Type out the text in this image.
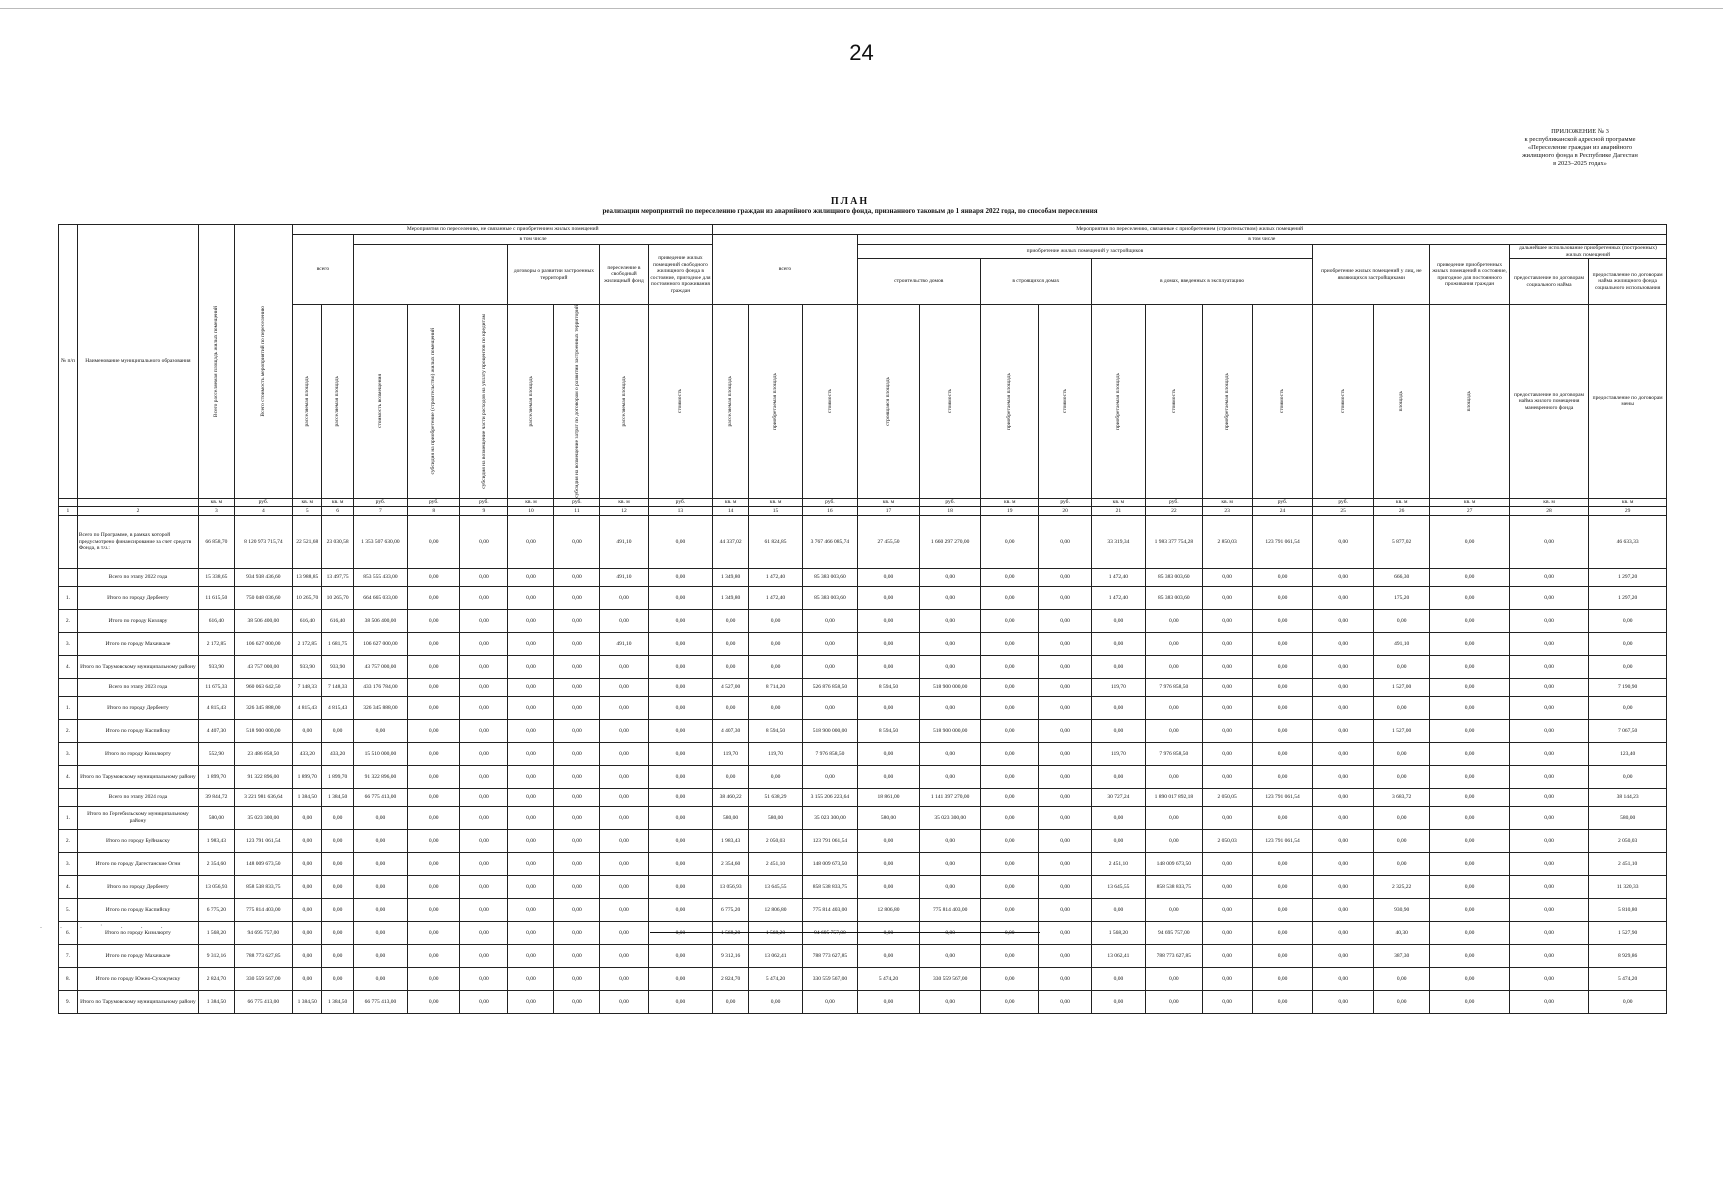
24
ПРИЛОЖЕНИЕ № 3
к республиканской адресной программе
«Переселение граждан из аварийного
жилищного фонда в Республике Дагестан
в 2023–2025 годах»
ПЛАН
реализации мероприятий по переселению граждан из аварийного жилищного фонда, признанного таковым до 1 января 2022 года, по способам переселения
№ п/п	Наименование муниципального образования	Всего расселяемая площадь жилых помещений	Всего стоимость мероприятий по переселению	Мероприятия по переселению, не связанные с приобретением жилых помещений									Мероприятия по переселению, связанные с приобретением (строительством) жилых помещений															
				всего		в том числе							всего			в том числе												
									договоры о развитии застроенных территорий		переселение в свободный жилищный фонд	приведение жилых помещений свободного жилищного фонда в состояние, пригодное для постоянного проживания граждан				приобретение жилых помещений у застройщиков								приобретение жилых помещений у лиц, не являющихся застройщиками		приведение приобретенных жилых помещений в состояние, пригодное для постоянного проживания граждан	дальнейшее использование приобретенных (построенных) жилых помещений	
																строительство домов		в строящихся домах		в домах, введенных в эксплуатацию							предоставление по договорам социального найма	предоставление по договорам найма жилищного фонда социального использования

				расселяемая площадь	расселяемая площадь	стоимость возмещения	субсидия на приобретение (строительство) жилых помещений	субсидия на возмещение части расходов на уплату процентов по кредитам	расселяемая площадь	субсидия на возмещение затрат по договорам о развитии застроенных территорий	расселяемая площадь	стоимость	расселяемая площадь	приобретаемая площадь	стоимость	строящаяся площадь	стоимость	приобретаемая площадь	стоимость	приобретаемая площадь	стоимость	приобретаемая площадь	стоимость	стоимость	площадь	площадь	предоставление по договорам найма жилого помещения маневренного фонда	предоставление по договорам мены
		кв. м	руб.	кв. м	кв. м	руб.	руб.	руб.	кв. м	руб.	кв. м	руб.	кв. м	кв. м	руб.	кв. м	руб.	кв. м	руб.	кв. м	руб.	кв. м	руб.	руб.	кв. м	кв. м	кв. м	кв. м
1	2	3	4	5	6	7	8	9	10	11	12	13	14	15	16	17	18	19	20	21	22	23	24	25	26	27	28	29
	Всего по Программе, в рамках которой предусмотрено финансирование за счет средств Фонда, в т.ч.:	66 858,70	8 120 973 715,74	22 521,68	23 030,58	1 353 507 630,00	0,00	0,00	0,00	0,00	491,10	0,00	44 337,02	61 824,85	3 767 466 085,74	27 455,50	1 660 297 270,00	0,00	0,00	33 319,34	1 983 377 754,28	2 850,03	123 791 061,54	0,00	5 877,02	0,00	0,00	46 633,33
	Всего по этапу 2022 года	15 338,65	934 938 436,60	13 988,85	13 497,75	853 555 433,00	0,00	0,00	0,00	0,00	491,10	0,00	1 349,80	1 472,40	85 383 003,60	0,00	0,00	0,00	0,00	1 472,40	85 383 003,60	0,00	0,00	0,00	666,30	0,00	0,00	1 297,20
1.	Итого по городу Дербенту	11 615,50	750 048 036,60	10 265,70	10 265,70	664 665 033,00	0,00	0,00	0,00	0,00	0,00	0,00	1 349,80	1 472,40	85 383 003,60	0,00	0,00	0,00	0,00	1 472,40	85 383 003,60	0,00	0,00	0,00	175,20	0,00	0,00	1 297,20
2.	Итого по городу Кизляру	616,40	38 506 400,00	616,40	616,40	38 506 400,00	0,00	0,00	0,00	0,00	0,00	0,00	0,00	0,00	0,00	0,00	0,00	0,00	0,00	0,00	0,00	0,00	0,00	0,00	0,00	0,00	0,00	0,00
3.	Итого по городу Махачкале	2 172,85	106 627 000,00	2 172,85	1 681,75	106 627 000,00	0,00	0,00	0,00	0,00	491,10	0,00	0,00	0,00	0,00	0,00	0,00	0,00	0,00	0,00	0,00	0,00	0,00	0,00	491,10	0,00	0,00	0,00
4.	Итого по Тарумовскому муниципальному району	933,90	43 757 000,00	933,90	933,90	43 757 000,00	0,00	0,00	0,00	0,00	0,00	0,00	0,00	0,00	0,00	0,00	0,00	0,00	0,00	0,00	0,00	0,00	0,00	0,00	0,00	0,00	0,00	0,00
	Всего по этапу 2023 года	11 675,33	960 063 642,50	7 148,33	7 148,33	433 176 784,00	0,00	0,00	0,00	0,00	0,00	0,00	4 527,00	8 714,20	526 876 858,50	8 594,50	518 900 000,00	0,00	0,00	119,70	7 976 858,50	0,00	0,00	0,00	1 527,00	0,00	0,00	7 190,90
1.	Итого по городу Дербенту	4 815,43	326 345 888,00	4 815,43	4 815,43	326 345 888,00	0,00	0,00	0,00	0,00	0,00	0,00	0,00	0,00	0,00	0,00	0,00	0,00	0,00	0,00	0,00	0,00	0,00	0,00	0,00	0,00	0,00	0,00
2.	Итого по городу Каспийску	4 407,30	518 900 000,00	0,00	0,00	0,00	0,00	0,00	0,00	0,00	0,00	0,00	4 407,30	8 594,50	518 900 000,00	8 594,50	518 900 000,00	0,00	0,00	0,00	0,00	0,00	0,00	0,00	1 527,00	0,00	0,00	7 067,50
3.	Итого по городу Кизилюрту	552,90	23 486 858,50	433,20	433,20	15 510 000,00	0,00	0,00	0,00	0,00	0,00	0,00	119,70	119,70	7 976 858,50	0,00	0,00	0,00	0,00	119,70	7 976 858,50	0,00	0,00	0,00	0,00	0,00	0,00	123,40
4.	Итого по Тарумовскому муниципальному району	1 899,70	91 322 896,00	1 899,70	1 899,70	91 322 896,00	0,00	0,00	0,00	0,00	0,00	0,00	0,00	0,00	0,00	0,00	0,00	0,00	0,00	0,00	0,00	0,00	0,00	0,00	0,00	0,00	0,00	0,00
	Всего по этапу 2024 года	39 844,72	3 221 981 636,64	1 384,50	1 384,50	66 775 413,00	0,00	0,00	0,00	0,00	0,00	0,00	38 460,22	51 638,29	3 155 206 223,64	18 861,00	1 141 397 270,00	0,00	0,00	30 727,24	1 890 017 892,18	2 050,05	123 791 061,54	0,00	3 683,72	0,00	0,00	38 144,23
1.	Итого по Гергебильскому муниципальному району	580,00	35 023 300,00	0,00	0,00	0,00	0,00	0,00	0,00	0,00	0,00	0,00	580,00	580,00	35 023 300,00	580,00	35 023 300,00	0,00	0,00	0,00	0,00	0,00	0,00	0,00	0,00	0,00	0,00	580,00
2.	Итого по городу Буйнакску	1 983,43	123 791 061,54	0,00	0,00	0,00	0,00	0,00	0,00	0,00	0,00	0,00	1 983,43	2 050,03	123 791 061,54	0,00	0,00	0,00	0,00	0,00	0,00	2 050,03	123 791 061,54	0,00	0,00	0,00	0,00	2 050,03
3.	Итого по городу Дагестанские Огни	2 354,60	148 009 673,50	0,00	0,00	0,00	0,00	0,00	0,00	0,00	0,00	0,00	2 354,60	2 451,10	148 009 673,50	0,00	0,00	0,00	0,00	2 451,10	148 009 673,50	0,00	0,00	0,00	0,00	0,00	0,00	2 451,10
4.	Итого по городу Дербенту	13 056,93	858 538 833,75	0,00	0,00	0,00	0,00	0,00	0,00	0,00	0,00	0,00	13 056,93	13 645,55	858 538 833,75	0,00	0,00	0,00	0,00	13 645,55	858 538 833,75	0,00	0,00	0,00	2 325,22	0,00	0,00	11 320,33
5.	Итого по городу Каспийску	6 775,20	775 814 403,00	0,00	0,00	0,00	0,00	0,00	0,00	0,00	0,00	0,00	6 775,20	12 806,80	775 814 403,00	12 806,80	775 814 403,00	0,00	0,00	0,00	0,00	0,00	0,00	0,00	930,90	0,00	0,00	5 810,80
6.	Итого по городу Кизилюрту	1 568,20	94 695 757,00	0,00	0,00	0,00	0,00	0,00	0,00	0,00	0,00								0,00	1 568,20	94 695 757,00	0,00	0,00	0,00	40,30	0,00	0,00	1 527,90
7.	Итого по городу Махачкале	9 312,16	788 773 627,85	0,00	0,00	0,00	0,00	0,00	0,00	0,00	0,00	0,00	9 312,16	13 062,41	788 773 627,85	0,00	0,00	0,00	0,00	13 062,41	788 773 627,85	0,00	0,00	0,00	387,30	0,00	0,00	8 929,86
8.	Итого по городу Южно-Сухокумску	2 824,70	330 559 567,00	0,00	0,00	0,00	0,00	0,00	0,00	0,00	0,00	0,00	2 824,70	5 474,20	330 559 567,00	5 474,20	330 559 567,00	0,00	0,00	0,00	0,00	0,00	0,00	0,00	0,00	0,00	0,00	5 474,20
9.	Итого по Тарумовскому муниципальному району	1 384,50	66 775 413,00	1 384,50	1 384,50	66 775 413,00	0,00	0,00	0,00	0,00	0,00	0,00	0,00	0,00	0,00	0,00	0,00	0,00	0,00	0,00	0,00	0,00	0,00	0,00	0,00	0,00	0,00	0,00
. . . · . . .
